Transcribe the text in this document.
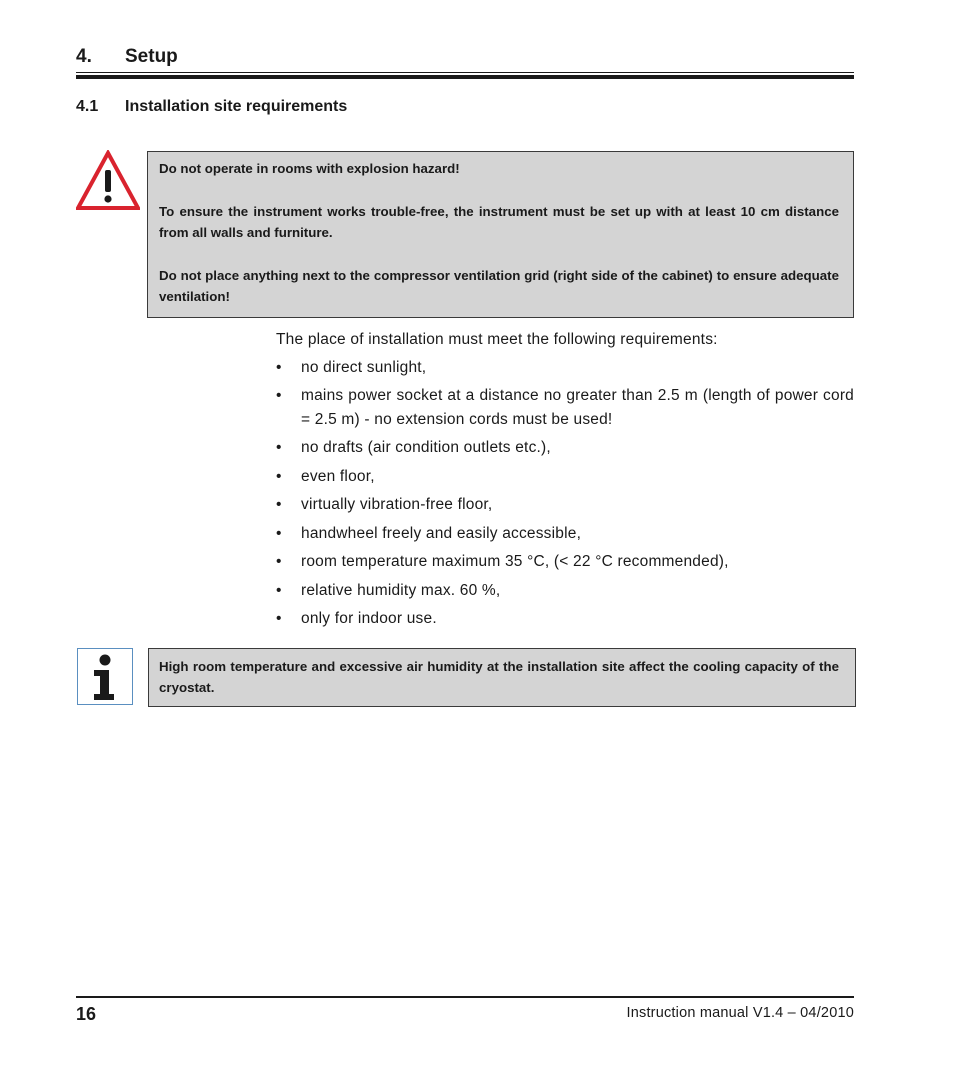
4. Setup
4.1 Installation site requirements

Do not operate in rooms with explosion hazard!

To ensure the instrument works trouble-free, the instrument must be set up with at least 10 cm distance from all walls and furniture.

Do not place anything next to the compressor ventilation grid (right side of the cabinet) to ensure adequate ventilation!

The place of installation must meet the following requirements:

• no direct sunlight,
• mains power socket at a distance no greater than 2.5 m (length of power cord = 2.5 m) - no extension cords must be used!
• no drafts (air condition outlets etc.),
• even floor,
• virtually vibration-free floor,
• handwheel freely and easily accessible,
• room temperature maximum 35 °C, (< 22 °C recommended),
• relative humidity max. 60 %,
• only for indoor use.

High room temperature and excessive air humidity at the installation site affect the cooling capacity of the cryostat.

16	Instruction manual V1.4 – 04/2010
